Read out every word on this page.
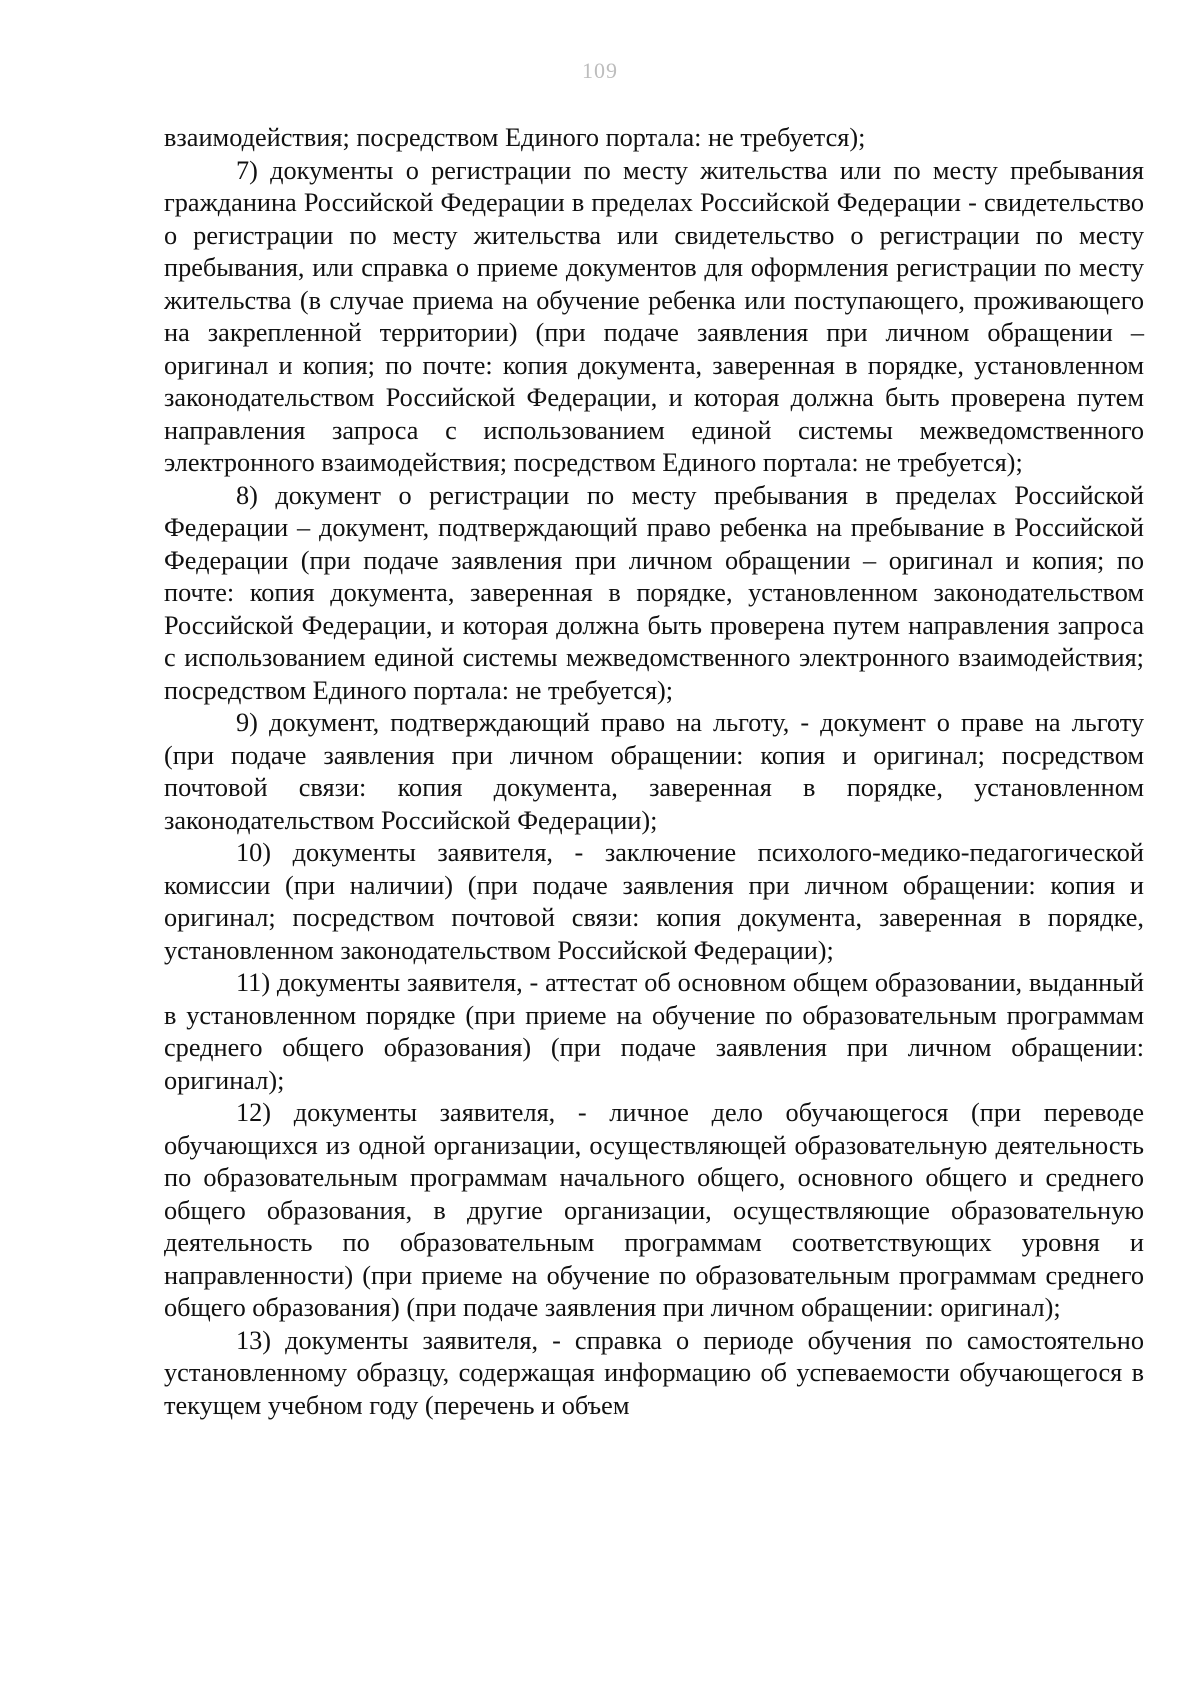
109

взаимодействия; посредством Единого портала: не требуется);

7) документы о регистрации по месту жительства или по месту пребывания гражданина Российской Федерации в пределах Российской Федерации - свидетельство о регистрации по месту жительства или свидетельство о регистрации по месту пребывания, или справка о приеме документов для оформления регистрации по месту жительства (в случае приема на обучение ребенка или поступающего, проживающего на закрепленной территории) (при подаче заявления при личном обращении – оригинал и копия; по почте: копия документа, заверенная в порядке, установленном законодательством Российской Федерации, и которая должна быть проверена путем направления запроса с использованием единой системы межведомственного электронного взаимодействия; посредством Единого портала: не требуется);

8) документ о регистрации по месту пребывания в пределах Российской Федерации – документ, подтверждающий право ребенка на пребывание в Российской Федерации (при подаче заявления при личном обращении – оригинал и копия; по почте: копия документа, заверенная в порядке, установленном законодательством Российской Федерации, и которая должна быть проверена путем направления запроса с использованием единой системы межведомственного электронного взаимодействия; посредством Единого портала: не требуется);

9) документ, подтверждающий право на льготу, - документ о праве на льготу (при подаче заявления при личном обращении: копия и оригинал; посредством почтовой связи: копия документа, заверенная в порядке, установленном законодательством Российской Федерации);

10) документы заявителя, - заключение психолого-медико-педагогической комиссии (при наличии) (при подаче заявления при личном обращении: копия и оригинал; посредством почтовой связи: копия документа, заверенная в порядке, установленном законодательством Российской Федерации);

11) документы заявителя, - аттестат об основном общем образовании, выданный в установленном порядке (при приеме на обучение по образовательным программам среднего общего образования) (при подаче заявления при личном обращении: оригинал);

12) документы заявителя, - личное дело обучающегося (при переводе обучающихся из одной организации, осуществляющей образовательную деятельность по образовательным программам начального общего, основного общего и среднего общего образования, в другие организации, осуществляющие образовательную деятельность по образовательным программам соответствующих уровня и направленности) (при приеме на обучение по образовательным программам среднего общего образования) (при подаче заявления при личном обращении: оригинал);

13) документы заявителя, - справка о периоде обучения по самостоятельно установленному образцу, содержащая информацию об успеваемости обучающегося в текущем учебном году (перечень и объем
